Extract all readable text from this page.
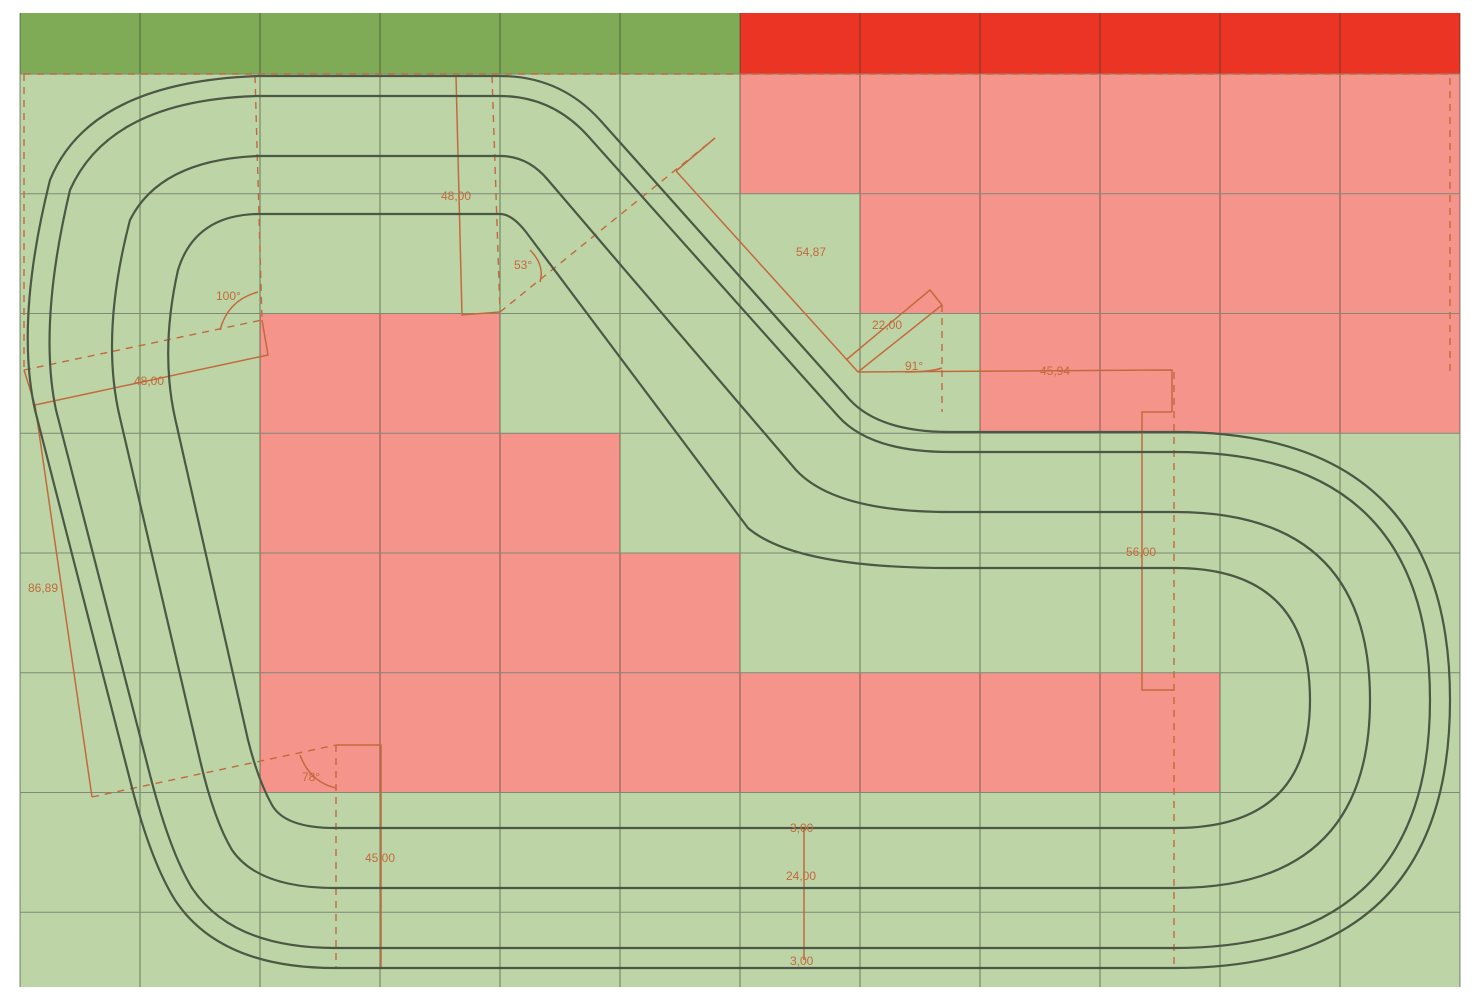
48,00
53°
100°
48,00
54,87
22,00
91°	45,94
86,89
56,00
78°
45,00
3,00
24,00
3,00
